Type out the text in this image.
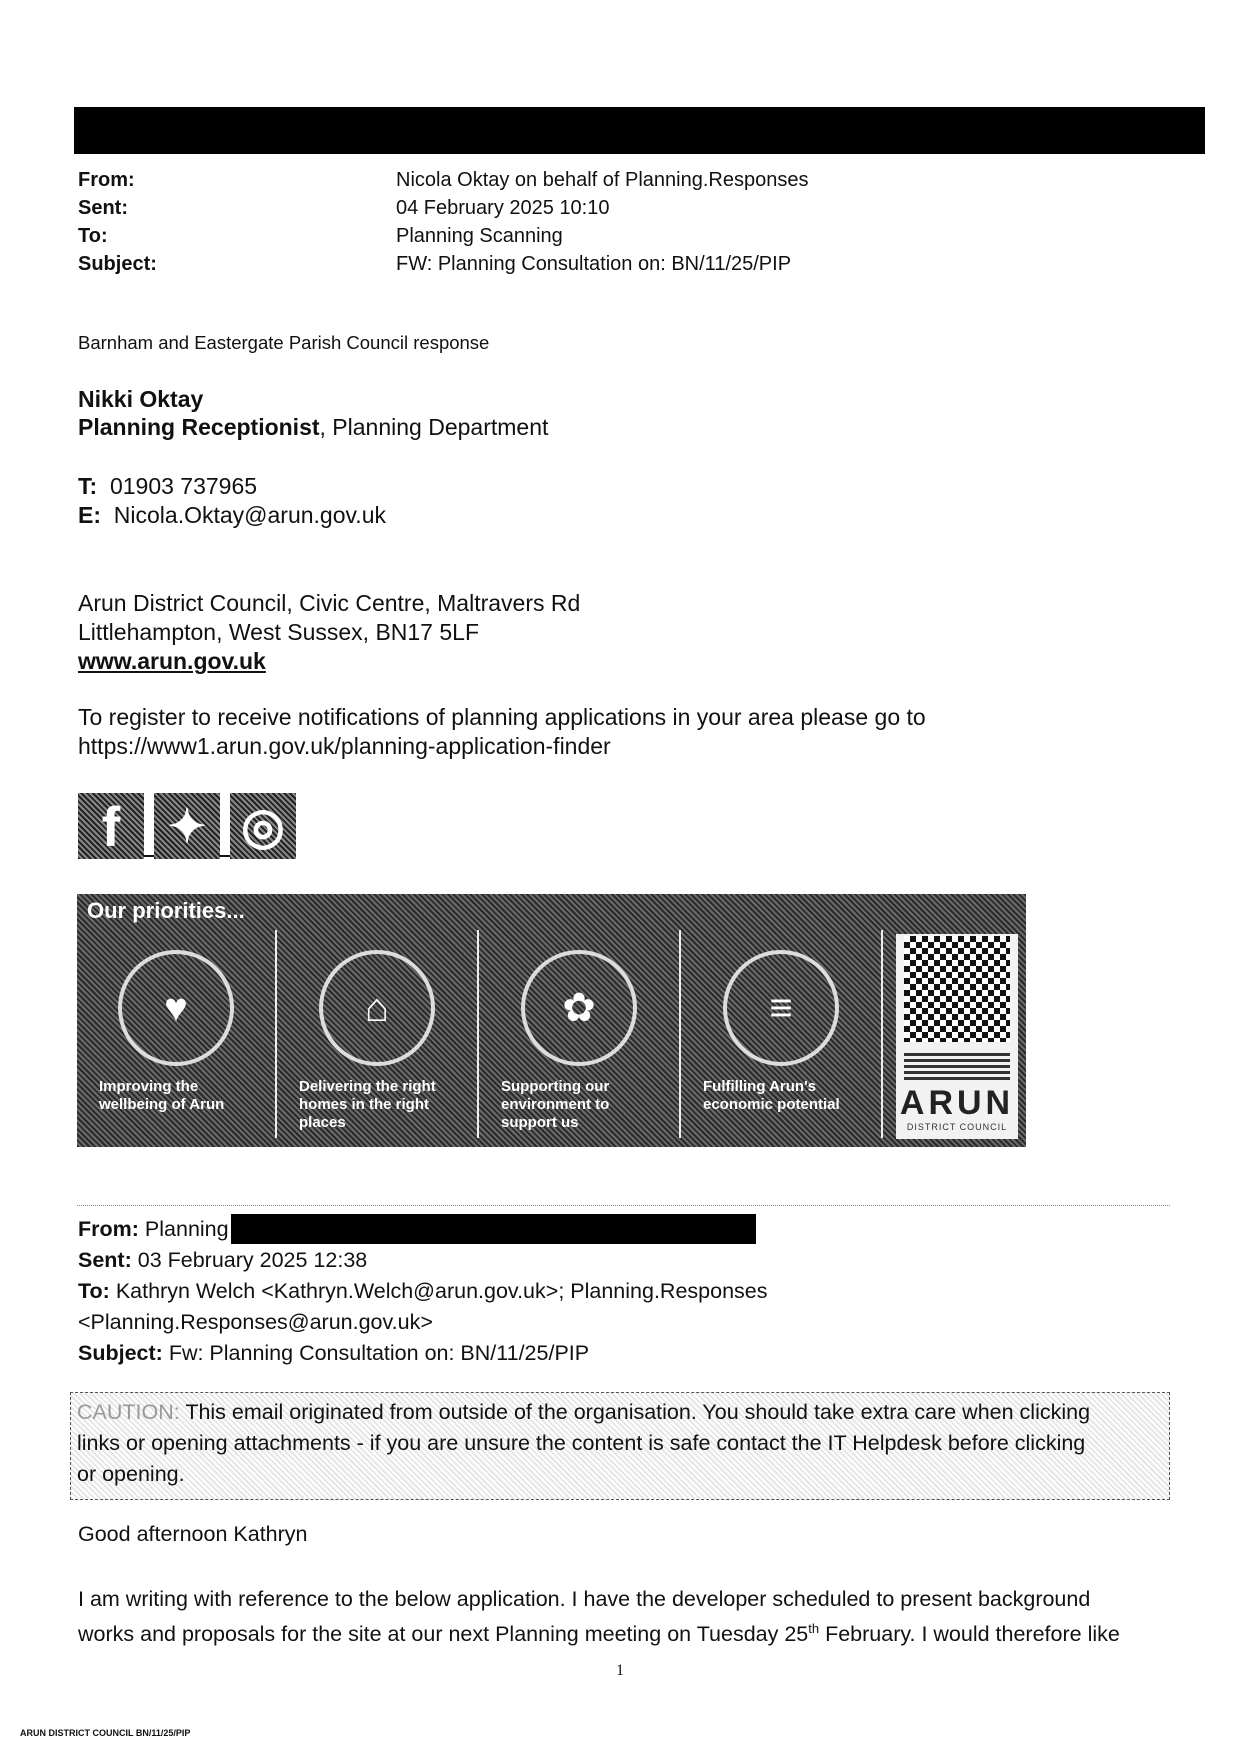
From:	Nicola Oktay on behalf of Planning.Responses
Sent:	04 February 2025 10:10
To:	Planning Scanning
Subject:	FW: Planning Consultation on: BN/11/25/PIP
Barnham and Eastergate Parish Council response
Nikki Oktay
Planning Receptionist, Planning Department
T: 01903 737965
E: Nicola.Oktay@arun.gov.uk
Arun District Council, Civic Centre, Maltravers Rd
Littlehampton, West Sussex, BN17 5LF
www.arun.gov.uk
To register to receive notifications of planning applications in your area please go to
https://www1.arun.gov.uk/planning-application-finder
f	✦ ◎
Our priorities...
♥
Improving the wellbeing of Arun
⌂
Delivering the right homes in the right places
✿
Supporting our environment to support us
≡
Fulfilling Arun's economic potential	ARUN
DISTRICT COUNCIL
From: Planning
Sent: 03 February 2025 12:38
To: Kathryn Welch <Kathryn.Welch@arun.gov.uk>; Planning.Responses
<Planning.Responses@arun.gov.uk>
Subject: Fw: Planning Consultation on: BN/11/25/PIP
CAUTION: This email originated from outside of the organisation. You should take extra care when clicking
links or opening attachments - if you are unsure the content is safe contact the IT Helpdesk before clicking
or opening.
Good afternoon Kathryn
I am writing with reference to the below application. I have the developer scheduled to present background
works and proposals for the site at our next Planning meeting on Tuesday 25th February. I would therefore like
1
ARUN DISTRICT COUNCIL BN/11/25/PIP
